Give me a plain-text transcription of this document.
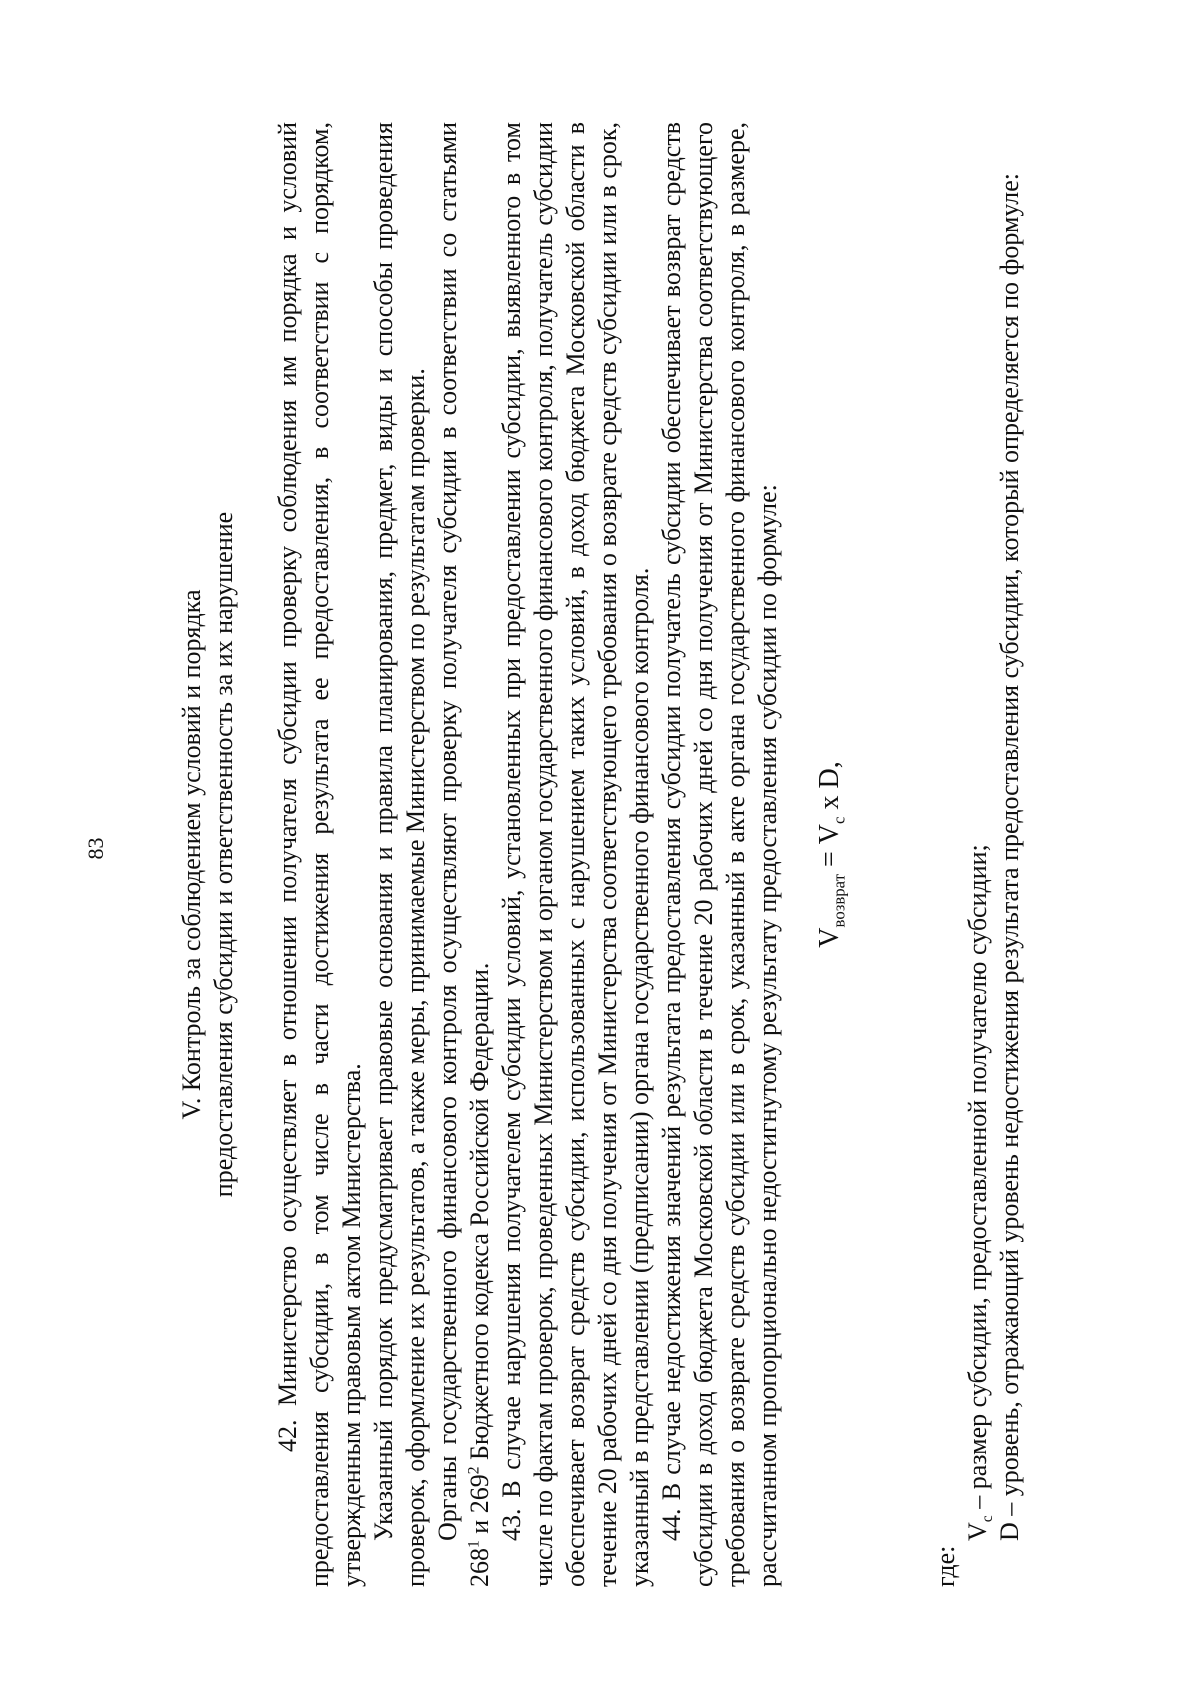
83	V. Контроль за соблюдением условий и порядка предоставления субсидии и ответственность за их нарушение 42. Министерство осуществляет в отношении получателя субсидии проверку соблюдения им порядка и условий предоставления субсидии, в том числе в части достижения результата ее предоставления, в соответствии с порядком, утвержденным правовым актом Министерства. Указанный порядок предусматривает правовые основания и правила планирования, предмет, виды и способы проведения проверок, оформление их результатов, а также меры, принимаемые Министерством по результатам проверки. Органы государственного финансового контроля осуществляют проверку получателя субсидии в соответствии со статьями $268^1$ и $269^2$ Бюджетного кодекса Российской Федерации. 43. В случае нарушения получателем субсидии условий, установленных при предоставлении субсидии, выявленного в том числе по фактам проверок, проведенных Министерством и органом государственного финансового контроля, получатель субсидии обеспечивает возврат средств субсидии, использованных с нарушением таких условий, в доход бюджета Московской области в течение 20 рабочих дней со дня получения от Министерства соответствующего требования о возврате средств субсидии или в срок, указанный в представлении (предписании) органа государственного финансового контроля. 44. В случае недостижения значений результата предоставления субсидии получатель субсидии обеспечивает возврат средств субсидии в доход бюджета Московской области в течение 20 рабочих дней со дня получения от Министерства соответствующего требования о возврате средств субсидии или в срок, указанный в акте органа государственного финансового контроля, в размере, рассчитанном пропорционально недостигнутому результату предоставления субсидии по формуле: $V_{возврат} = V_c$ x D,

где:

$V_c$ – размер субсидии, предоставленной получателю субсидии; D – уровень, отражающий уровень недостижения результата предоставления субсидии, который определяется по формуле:
